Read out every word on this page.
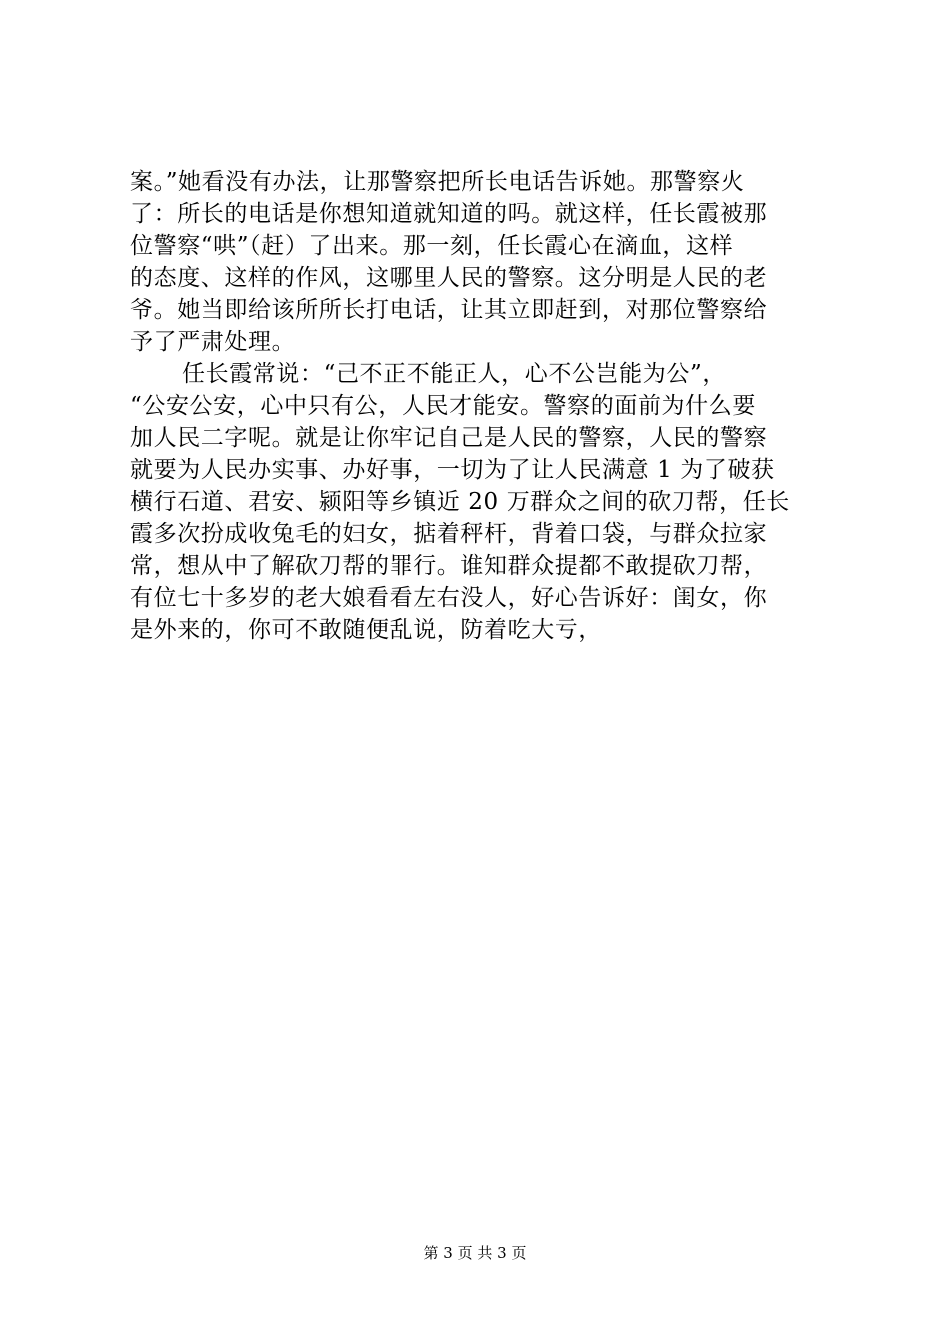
案。”她看没有办法，让那警察把所长电话告诉她。那警察火
了：所长的电话是你想知道就知道的吗。就这样，任长霞被那
位警察“哄”（赶）了出来。那一刻，任长霞心在滴血，这样
的态度、这样的作风，这哪里人民的警察。这分明是人民的老
爷。她当即给该所所长打电话，让其立即赶到，对那位警察给
予了严肃处理。
任长霞常说：“己不正不能正人，心不公岂能为公”，
“公安公安，心中只有公，人民才能安。警察的面前为什么要
加人民二字呢。就是让你牢记自己是人民的警察，人民的警察
就要为人民办实事、办好事，一切为了让人民满意 1 为了破获
横行石道、君安、颍阳等乡镇近 20 万群众之间的砍刀帮，任长
霞多次扮成收兔毛的妇女，掂着秤杆，背着口袋，与群众拉家
常，想从中了解砍刀帮的罪行。谁知群众提都不敢提砍刀帮，
有位七十多岁的老大娘看看左右没人，好心告诉好：闺女，你
是外来的，你可不敢随便乱说，防着吃大亏，
第 3 页 共 3 页
